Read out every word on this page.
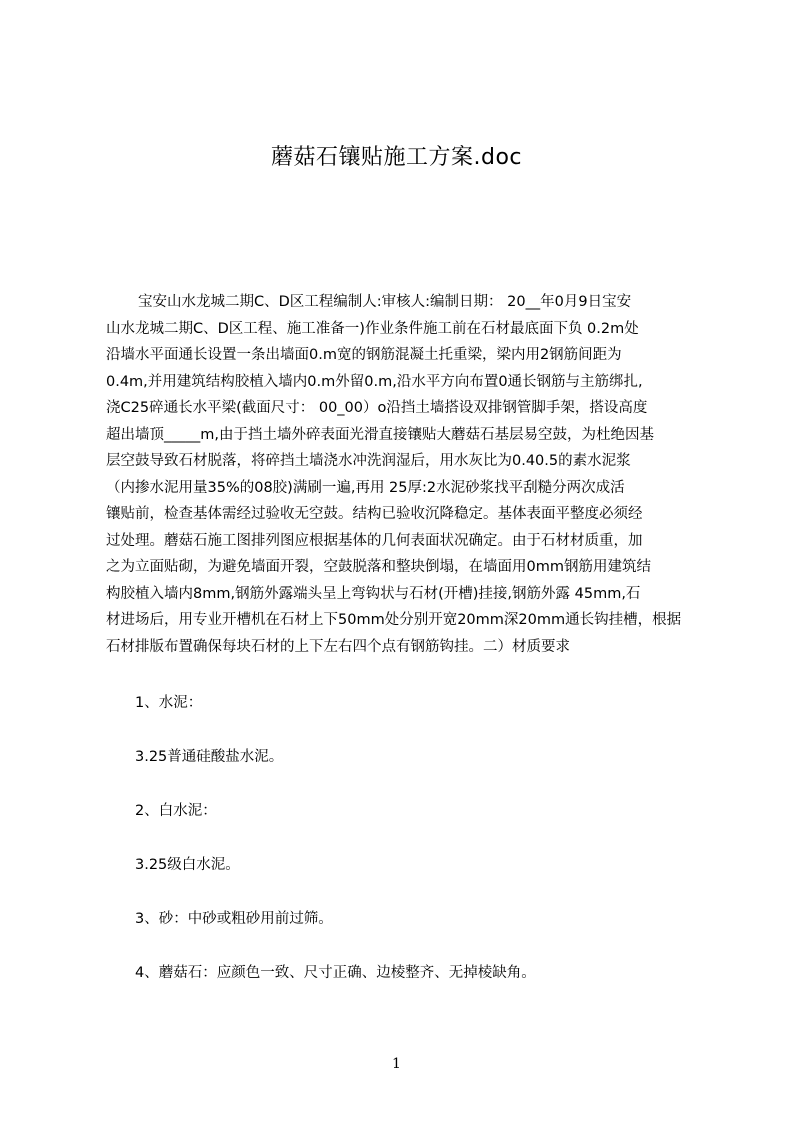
蘑菇石镶贴施工方案.doc
宝安山水龙城二期C、D区工程编制人:审核人:编制日期： 20__年0月9日宝安
山水龙城二期C、D区工程、施工准备一)作业条件施工前在石材最底面下负 0.2m处
沿墙水平面通长设置一条出墙面0.m宽的钢筋混凝土托重梁，梁内用2钢筋间距为
0.4m,并用建筑结构胶植入墙内0.m外留0.m,沿水平方向布置0通长钢筋与主筋绑扎,
浇C25碎通长水平梁(截面尺寸： 00_00）o沿挡土墙搭设双排钢管脚手架，搭设高度
超出墙顶_____m,由于挡土墙外碎表面光滑直接镶贴大蘑菇石基层易空鼓，为杜绝因基
层空鼓导致石材脱落，将碎挡土墙浇水冲洗润湿后，用水灰比为0.40.5的素水泥浆
（内掺水泥用量35%的08胶)满刷一遍,再用 25厚:2水泥砂浆找平刮糙分两次成活
镶贴前，检查基体需经过验收无空鼓。结构已验收沉降稳定。基体表面平整度必须经
过处理。蘑菇石施工图排列图应根据基体的几何表面状况确定。由于石材材质重，加
之为立面贴砌，为避免墙面开裂，空鼓脱落和整块倒塌，在墙面用0mm钢筋用建筑结
构胶植入墙内8mm,钢筋外露端头呈上弯钩状与石材(开槽)挂接,钢筋外露 45mm,石
材进场后，用专业开槽机在石材上下50mm处分别开宽20mm深20mm通长钩挂槽，根据
石材排版布置确保每块石材的上下左右四个点有钢筋钩挂。二）材质要求
1、水泥：
3.25普通硅酸盐水泥。
2、白水泥：
3.25级白水泥。
3、砂：中砂或粗砂用前过筛。
4、蘑菇石：应颜色一致、尺寸正确、边棱整齐、无掉棱缺角。
1
